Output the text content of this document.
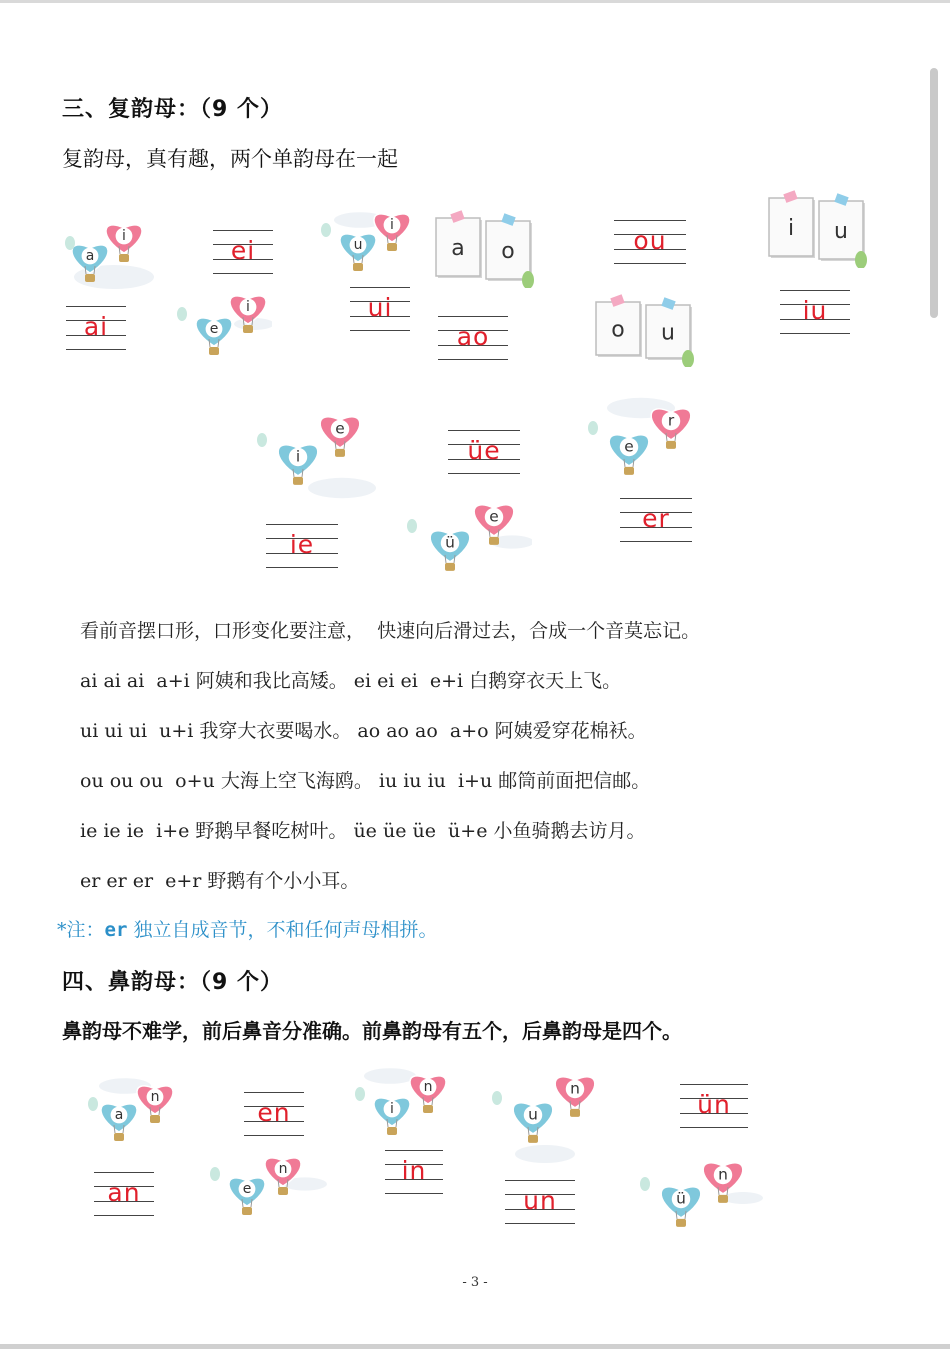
三、复韵母：（9 个）
复韵母，真有趣，两个单韵母在一起
a
i
u
i
e
i
i
e
ü
e
e
r
a o
o u
i u
ei	ou
ai
ui
ao
iu
üe
ie
er
看前音摆口形，口形变化要注意，  快速向后滑过去，合成一个音莫忘记。
ai ai ai  a+i 阿姨和我比高矮。 ei ei ei  e+i 白鹅穿衣天上飞。
ui ui ui  u+i 我穿大衣要喝水。 ao ao ao  a+o 阿姨爱穿花棉袄。
ou ou ou  o+u 大海上空飞海鸥。 iu iu iu  i+u 邮筒前面把信邮。
ie ie ie  i+e 野鹅早餐吃树叶。 üe üe üe  ü+e 小鱼骑鹅去访月。
er er er  e+r 野鹅有个小小耳。
*注：er 独立自成音节，不和任何声母相拼。
四、鼻韵母：（9 个）
鼻韵母不难学，前后鼻音分准确。前鼻韵母有五个，后鼻韵母是四个。
a
n
i
n
u
n
e
n
ü
n
en	ün
an
in
un
- 3 -
